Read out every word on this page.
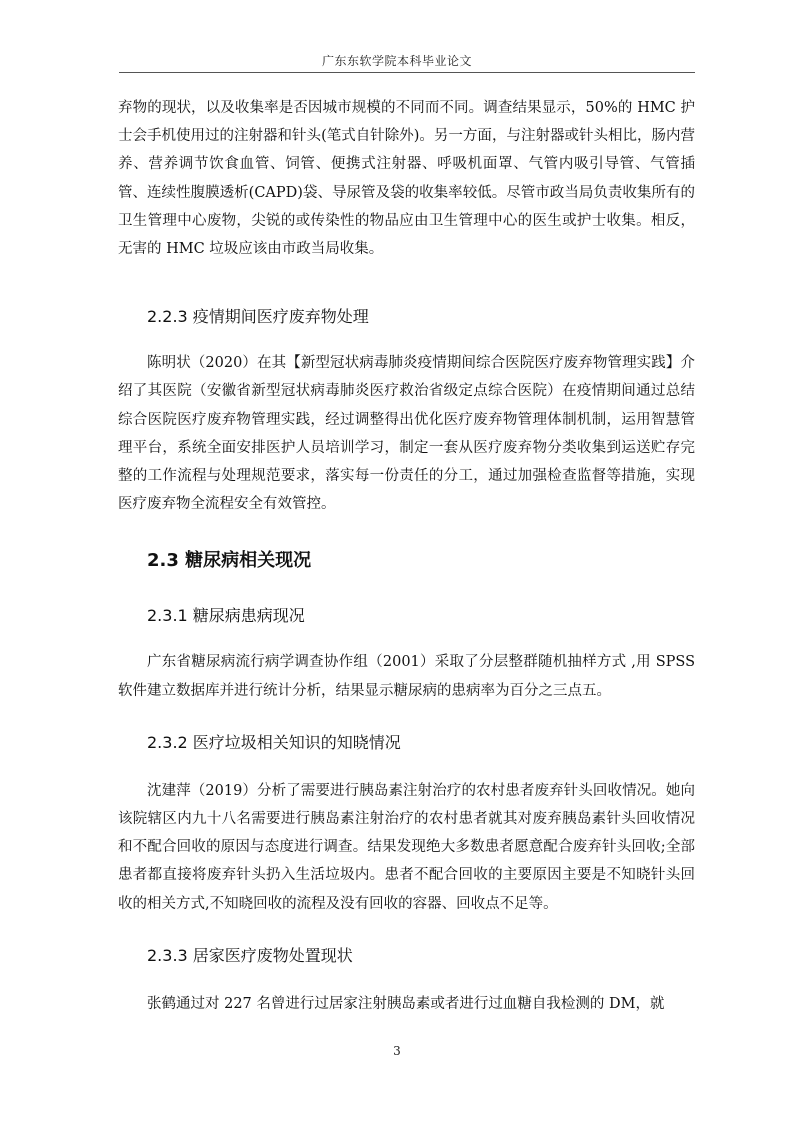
广东东软学院本科毕业论文

弃物的现状，以及收集率是否因城市规模的不同而不同。调查结果显示，50%的 HMC 护士会手机使用过的注射器和针头(笔式自针除外)。另一方面，与注射器或针头相比，肠内营养、营养调节饮食血管、饲管、便携式注射器、呼吸机面罩、气管内吸引导管、气管插管、连续性腹膜透析(CAPD)袋、导尿管及袋的收集率较低。尽管市政当局负责收集所有的卫生管理中心废物，尖锐的或传染性的物品应由卫生管理中心的医生或护士收集。相反，无害的 HMC 垃圾应该由市政当局收集。

2.2.3 疫情期间医疗废弃物处理

陈明状（2020）在其【新型冠状病毒肺炎疫情期间综合医院医疗废弃物管理实践】介绍了其医院（安徽省新型冠状病毒肺炎医疗救治省级定点综合医院）在疫情期间通过总结综合医院医疗废弃物管理实践，经过调整得出优化医疗废弃物管理体制机制，运用智慧管理平台，系统全面安排医护人员培训学习，制定一套从医疗废弃物分类收集到运送贮存完整的工作流程与处理规范要求，落实每一份责任的分工，通过加强检查监督等措施，实现医疗废弃物全流程安全有效管控。

2.3 糖尿病相关现况
2.3.1 糖尿病患病现况

广东省糖尿病流行病学调查协作组（2001）采取了分层整群随机抽样方式 ,用 SPSS 软件建立数据库并进行统计分析，结果显示糖尿病的患病率为百分之三点五。

2.3.2 医疗垃圾相关知识的知晓情况

沈建萍（2019）分析了需要进行胰岛素注射治疗的农村患者废弃针头回收情况。她向该院辖区内九十八名需要进行胰岛素注射治疗的农村患者就其对废弃胰岛素针头回收情况和不配合回收的原因与态度进行调查。结果发现绝大多数患者愿意配合废弃针头回收;全部患者都直接将废弃针头扔入生活垃圾内。患者不配合回收的主要原因主要是不知晓针头回收的相关方式,不知晓回收的流程及没有回收的容器、回收点不足等。

2.3.3 居家医疗废物处置现状

张鹤通过对 227 名曾进行过居家注射胰岛素或者进行过血糖自我检测的 DM，就

3
